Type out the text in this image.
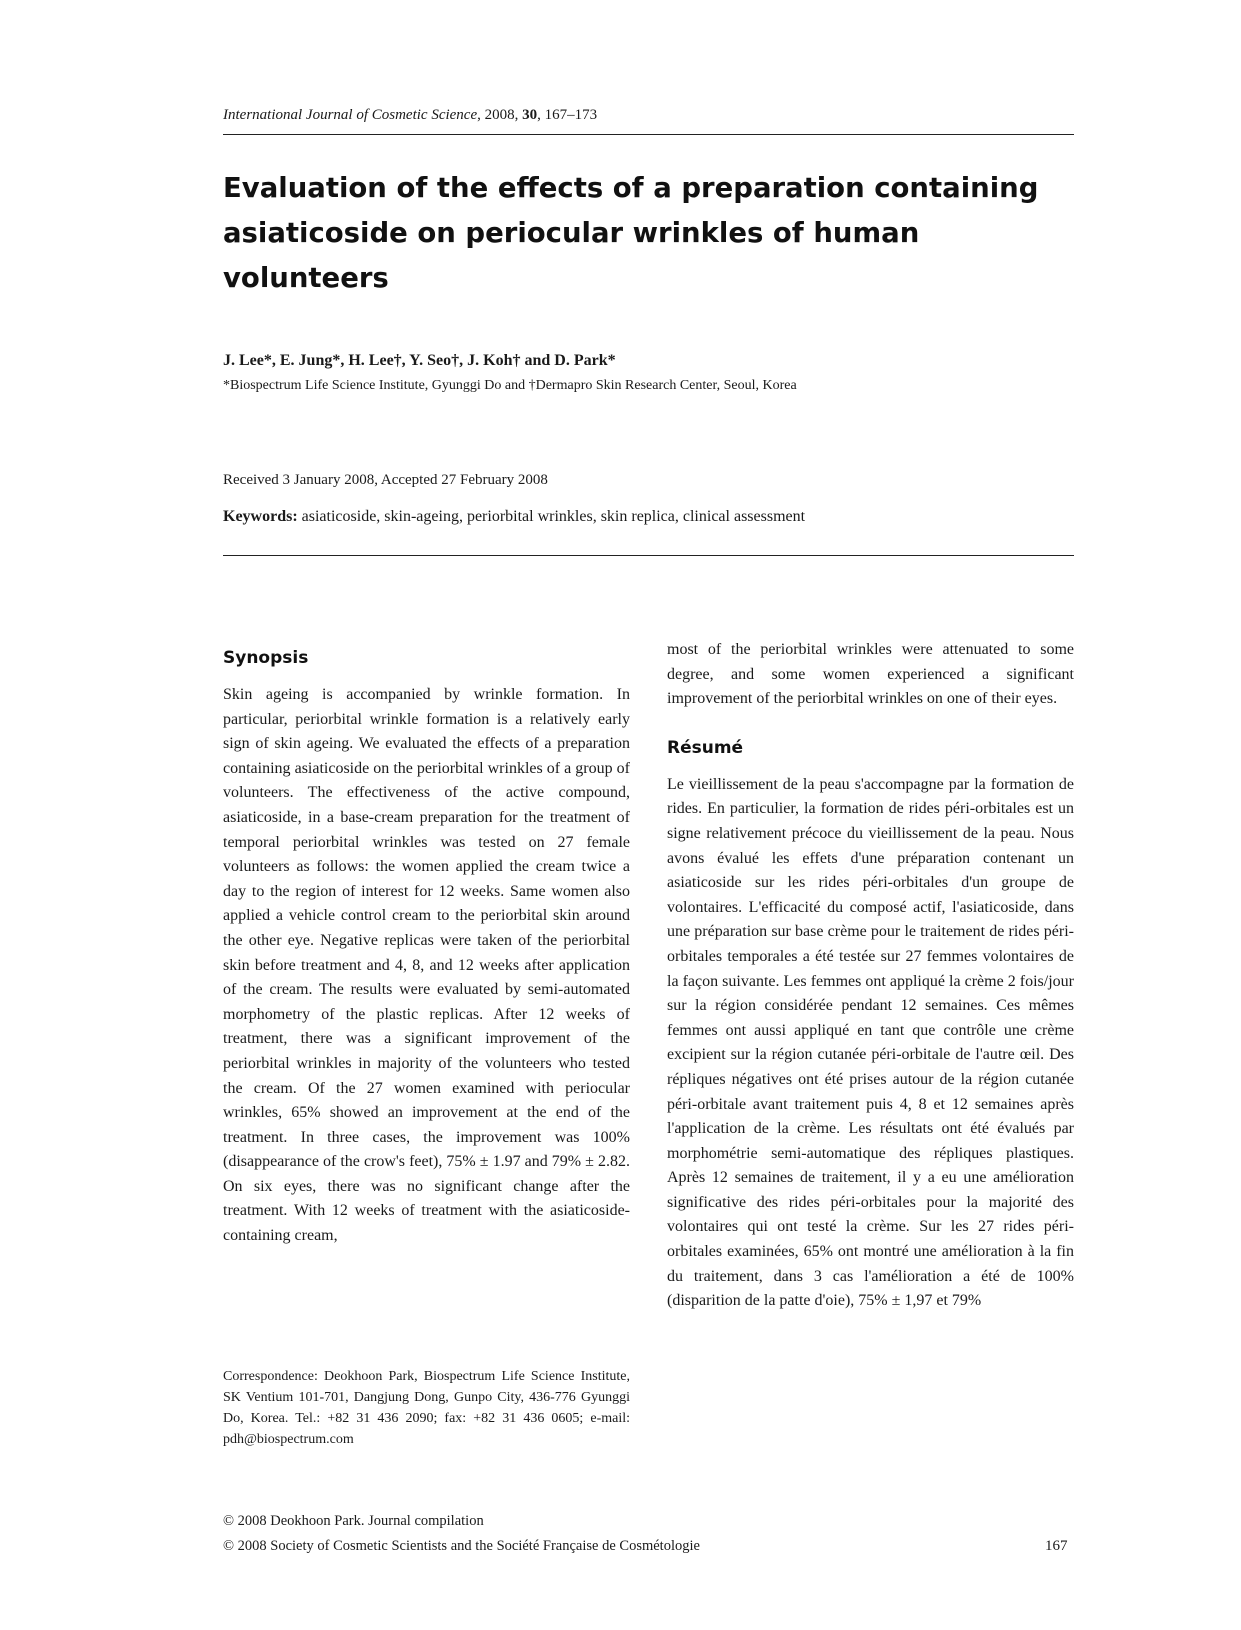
International Journal of Cosmetic Science, 2008, 30, 167–173
Evaluation of the effects of a preparation containing asiaticoside on periocular wrinkles of human volunteers
J. Lee*, E. Jung*, H. Lee†, Y. Seo†, J. Koh† and D. Park*
*Biospectrum Life Science Institute, Gyunggi Do and †Dermapro Skin Research Center, Seoul, Korea
Received 3 January 2008, Accepted 27 February 2008
Keywords: asiaticoside, skin-ageing, periorbital wrinkles, skin replica, clinical assessment
Synopsis

Skin ageing is accompanied by wrinkle formation. In particular, periorbital wrinkle formation is a relatively early sign of skin ageing. We evaluated the effects of a preparation containing asiaticoside on the periorbital wrinkles of a group of volunteers. The effectiveness of the active compound, asiaticoside, in a base-cream preparation for the treatment of temporal periorbital wrinkles was tested on 27 female volunteers as follows: the women applied the cream twice a day to the region of interest for 12 weeks. Same women also applied a vehicle control cream to the periorbital skin around the other eye. Negative replicas were taken of the periorbital skin before treatment and 4, 8, and 12 weeks after application of the cream. The results were evaluated by semi-automated morphometry of the plastic replicas. After 12 weeks of treatment, there was a significant improvement of the periorbital wrinkles in majority of the volunteers who tested the cream. Of the 27 women examined with periocular wrinkles, 65% showed an improvement at the end of the treatment. In three cases, the improvement was 100% (disappearance of the crow's feet), 75% ± 1.97 and 79% ± 2.82. On six eyes, there was no significant change after the treatment. With 12 weeks of treatment with the asiaticoside-containing cream,

Correspondence: Deokhoon Park, Biospectrum Life Science Institute, SK Ventium 101-701, Dangjung Dong, Gunpo City, 436-776 Gyunggi Do, Korea. Tel.: +82 31 436 2090; fax: +82 31 436 0605; e-mail: pdh@biospectrum.com

most of the periorbital wrinkles were attenuated to some degree, and some women experienced a significant improvement of the periorbital wrinkles on one of their eyes.

Résumé

Le vieillissement de la peau s'accompagne par la formation de rides. En particulier, la formation de rides péri-orbitales est un signe relativement précoce du vieillissement de la peau. Nous avons évalué les effets d'une préparation contenant un asiaticoside sur les rides péri-orbitales d'un groupe de volontaires. L'efficacité du composé actif, l'asiaticoside, dans une préparation sur base crème pour le traitement de rides péri-orbitales temporales a été testée sur 27 femmes volontaires de la façon suivante. Les femmes ont appliqué la crème 2 fois/jour sur la région considérée pendant 12 semaines. Ces mêmes femmes ont aussi appliqué en tant que contrôle une crème excipient sur la région cutanée péri-orbitale de l'autre œil. Des répliques négatives ont été prises autour de la région cutanée péri-orbitale avant traitement puis 4, 8 et 12 semaines après l'application de la crème. Les résultats ont été évalués par morphométrie semi-automatique des répliques plastiques. Après 12 semaines de traitement, il y a eu une amélioration significative des rides péri-orbitales pour la majorité des volontaires qui ont testé la crème. Sur les 27 rides péri-orbitales examinées, 65% ont montré une amélioration à la fin du traitement, dans 3 cas l'amélioration a été de 100% (disparition de la patte d'oie), 75% ± 1,97 et 79%

© 2008 Deokhoon Park. Journal compilation
© 2008 Society of Cosmetic Scientists and the Société Française de Cosmétologie	167
